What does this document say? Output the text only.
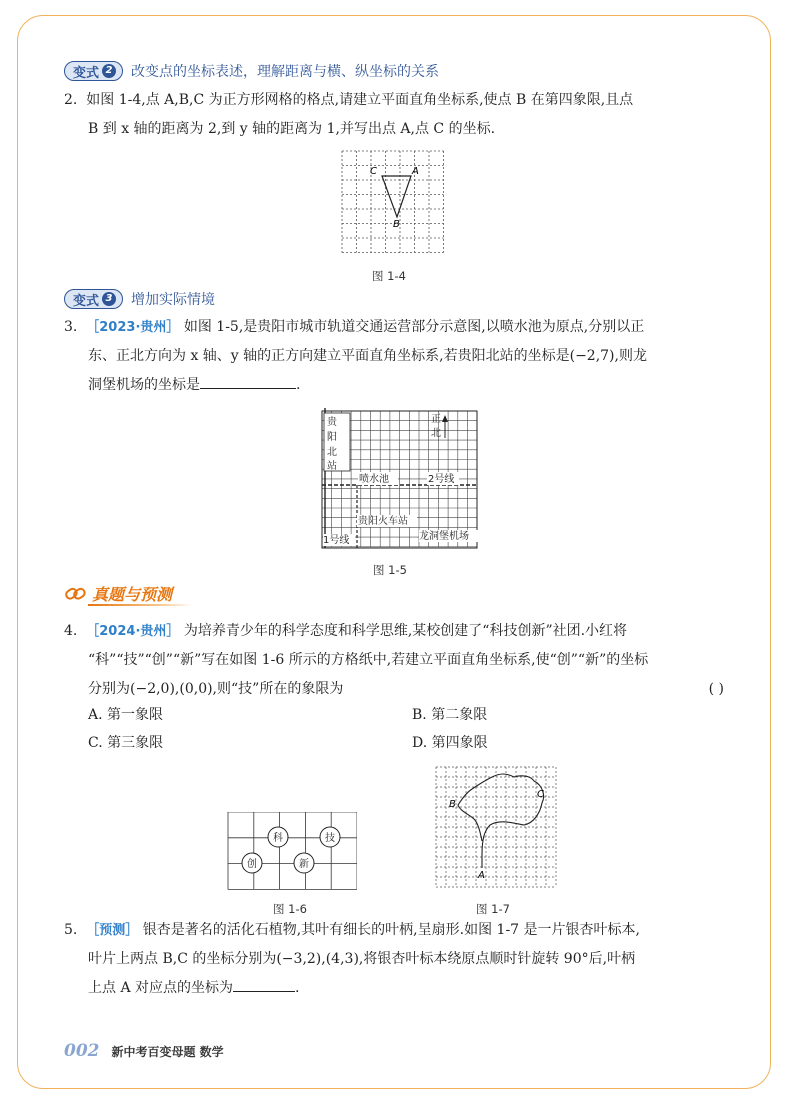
变式 2 改变点的坐标表述，理解距离与横、纵坐标的关系
2. 如图 1-4,点 A,B,C 为正方形网格的格点,请建立平面直角坐标系,使点 B 在第四象限,且点
B 到 x 轴的距离为 2,到 y 轴的距离为 1,并写出点 A,点 C 的坐标.
C	A
B
图 1-4
变式 3 增加实际情境
3. ［2023·贵州］ 如图 1-5,是贵阳市城市轨道交通运营部分示意图,以喷水池为原点,分别以正
东、正北方向为 x 轴、y 轴的正方向建立平面直角坐标系,若贵阳北站的坐标是(−2,7),则龙
洞堡机场的坐标是	.
贵
阳
北
站
正
北
喷水池	2号线
贵阳火车站
1号线	龙洞堡机场
图 1-5
真题与预测
4. ［2024·贵州］ 为培养青少年的科学态度和科学思维,某校创建了“科技创新”社团.小红将
“科”“技”“创”“新”写在如图 1-6 所示的方格纸中,若建立平面直角坐标系,使“创”“新”的坐标
分别为(−2,0),(0,0),则“技”所在的象限为	( )
A. 第一象限	B. 第二象限
C. 第三象限	D. 第四象限
科	技
创	新
图 1-6
A
B
C
图 1-7
5. ［预测］ 银杏是著名的活化石植物,其叶有细长的叶柄,呈扇形.如图 1-7 是一片银杏叶标本,
叶片上两点 B,C 的坐标分别为(−3,2),(4,3),将银杏叶标本绕原点顺时针旋转 90°后,叶柄
上点 A 对应点的坐标为	.
002 新中考百变母题 数学
